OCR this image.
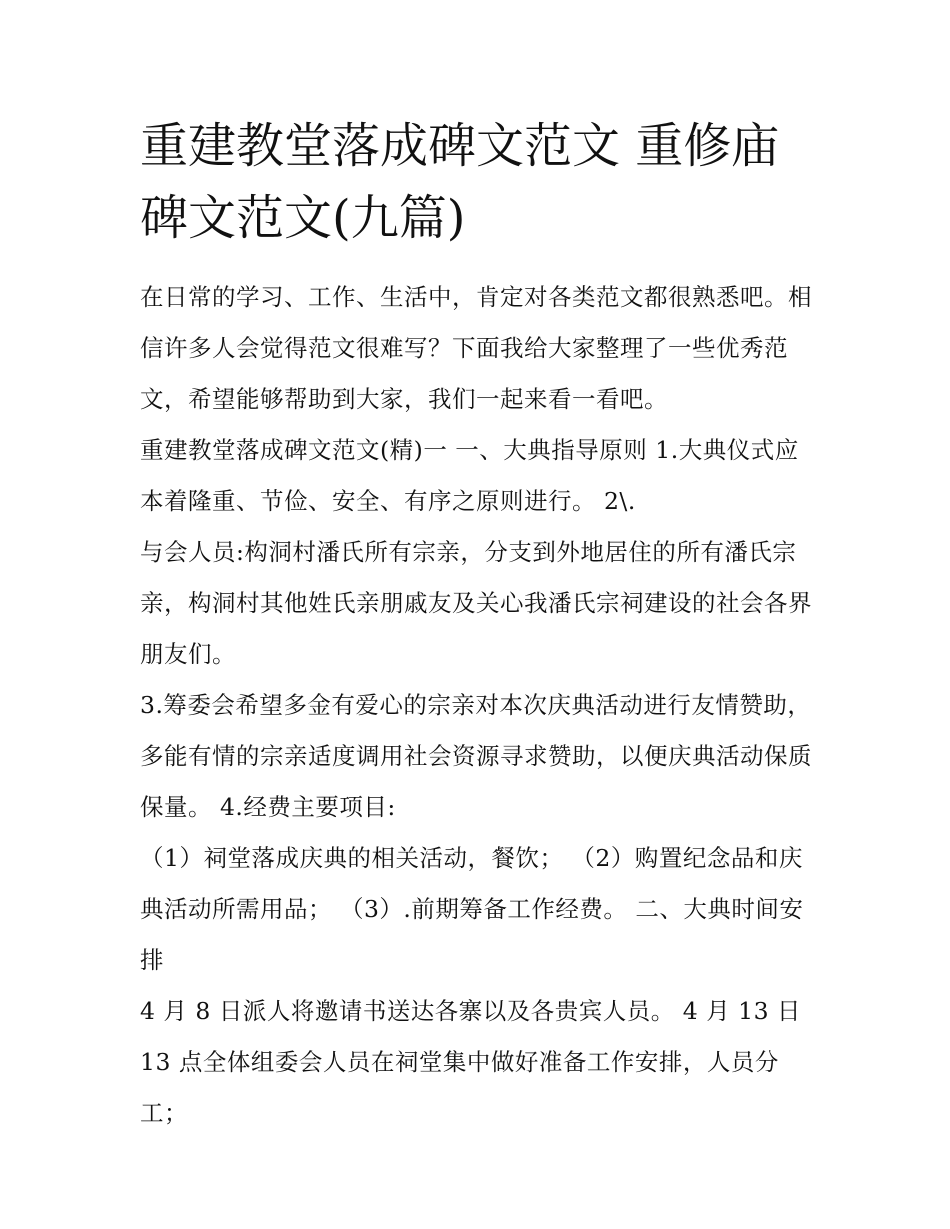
重建教堂落成碑文范文 重修庙碑文范文(九篇)

在日常的学习、工作、生活中，肯定对各类范文都很熟悉吧。相信许多人会觉得范文很难写？下面我给大家整理了一些优秀范文，希望能够帮助到大家，我们一起来看一看吧。

重建教堂落成碑文范文(精)一 一、大典指导原则 1.大典仪式应本着隆重、节俭、安全、有序之原则进行。 2\.

与会人员:构洞村潘氏所有宗亲，分支到外地居住的所有潘氏宗亲，构洞村其他姓氏亲朋戚友及关心我潘氏宗祠建设的社会各界朋友们。

3.筹委会希望多金有爱心的宗亲对本次庆典活动进行友情赞助，多能有情的宗亲适度调用社会资源寻求赞助，以便庆典活动保质保量。 4.经费主要项目:

（1）祠堂落成庆典的相关活动，餐饮； （2）购置纪念品和庆典活动所需用品； （3）.前期筹备工作经费。 二、大典时间安排

4 月 8 日派人将邀请书送达各寨以及各贵宾人员。 4 月 13 日 13 点全体组委会人员在祠堂集中做好准备工作安排，人员分工；
